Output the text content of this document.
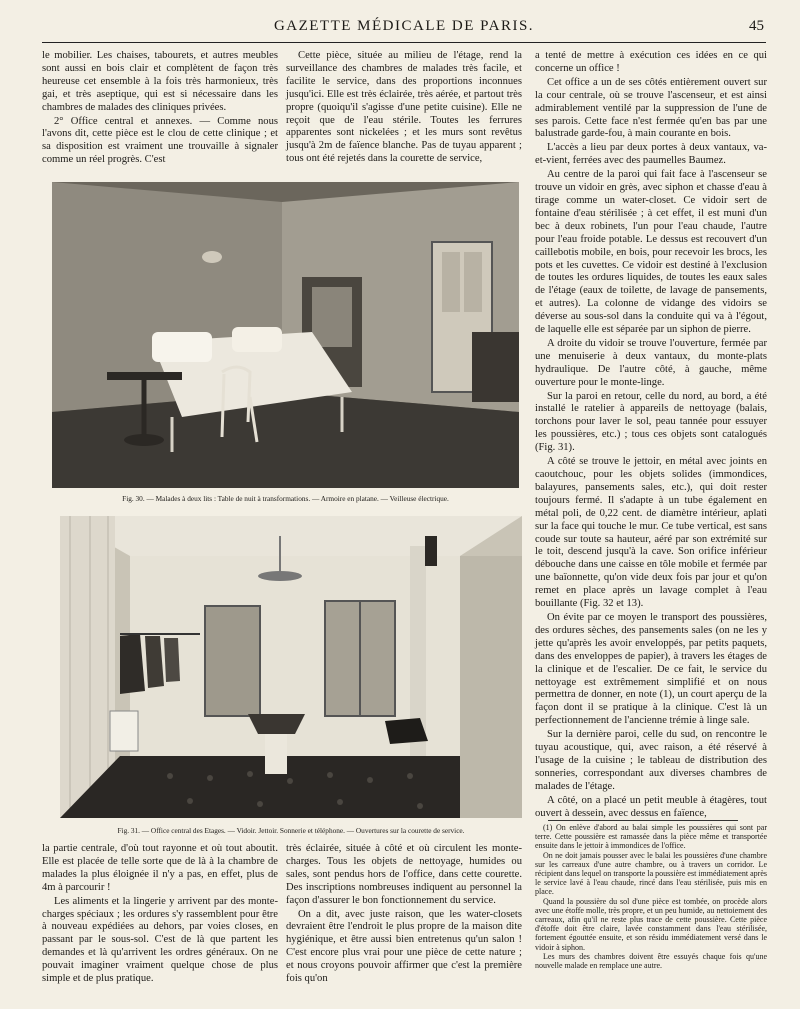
GAZETTE MÉDICALE DE PARIS.	45

le mobilier. Les chaises, tabourets, et autres meubles sont aussi en bois clair et complètent de façon très heureuse cet ensemble à la fois très harmonieux, très gai, et très aseptique, qui est si nécessaire dans les chambres de malades des cliniques privées.

2° Office central et annexes. — Comme nous l'avons dit, cette pièce est le clou de cette clinique ; et sa disposition est vraiment une trouvaille à signaler comme un réel progrès. C'est

Cette pièce, située au milieu de l'étage, rend la surveillance des chambres de malades très facile, et facilite le service, dans des proportions inconnues jusqu'ici. Elle est très éclairée, très aérée, et partout très propre (quoiqu'il s'agisse d'une petite cuisine). Elle ne reçoit que de l'eau stérile. Toutes les ferrures apparentes sont nickelées ; et les murs sont revêtus jusqu'à 2m de faïence blanche. Pas de tuyau apparent ; tous ont été rejetés dans la courette de service,

a tenté de mettre à exécution ces idées en ce qui concerne un office !

Cet office a un de ses côtés entièrement ouvert sur la cour centrale, où se trouve l'ascenseur, et est ainsi admirablement ventilé par la suppression de l'une de ses parois. Cette face n'est fermée qu'en bas par une balustrade garde-fou, à main courante en bois.

L'accès a lieu par deux portes à deux vantaux, va-et-vient, ferrées avec des paumelles Baumez.

Au centre de la paroi qui fait face à l'ascenseur se trouve un vidoir en grès, avec siphon et chasse d'eau à tirage comme un water-closet. Ce vidoir sert de fontaine d'eau stérilisée ; à cet effet, il est muni d'un bec à deux robinets, l'un pour l'eau chaude, l'autre pour l'eau froide potable. Le dessus est recouvert d'un caillebotis mobile, en bois, pour recevoir les brocs, les pots et les cuvettes. Ce vidoir est destiné à l'exclusion de toutes les ordures liquides, de toutes les eaux sales de l'étage (eaux de toilette, de lavage de pansements, et autres). La colonne de vidange des vidoirs se déverse au sous-sol dans la conduite qui va à l'égout, de laquelle elle est séparée par un siphon de pierre.

A droite du vidoir se trouve l'ouverture, fermée par une menuiserie à deux vantaux, du monte-plats hydraulique. De l'autre côté, à gauche, même ouverture pour le monte-linge.

Sur la paroi en retour, celle du nord, au bord, a été installé le ratelier à appareils de nettoyage (balais, torchons pour laver le sol, peau tannée pour essuyer les poussières, etc.) ; tous ces objets sont catalogués (Fig. 31).

A côté se trouve le jettoir, en métal avec joints en caoutchouc, pour les objets solides (immondices, balayures, pansements sales, etc.), qui doit rester toujours fermé. Il s'adapte à un tube également en métal poli, de 0,22 cent. de diamètre intérieur, aplati sur la face qui touche le mur. Ce tube vertical, est sans coude sur toute sa hauteur, aéré par son extrémité sur le toit, descend jusqu'à la cave. Son orifice inférieur débouche dans une caisse en tôle mobile et fermée par une baïonnette, qu'on vide deux fois par jour et qu'on remet en place après un lavage complet à l'eau bouillante (Fig. 32 et 13).

On évite par ce moyen le transport des poussières, des ordures sèches, des pansements sales (on ne les y jette qu'après les avoir enveloppés, par petits paquets, dans des enveloppes de papier), à travers les étages de la clinique et de l'escalier. De ce fait, le service du nettoyage est extrêmement simplifié et on nous permettra de donner, en note (1), un court aperçu de la façon dont il se pratique à la clinique. C'est là un perfectionnement de l'ancienne trémie à linge sale.

Sur la dernière paroi, celle du sud, on rencontre le tuyau acoustique, qui, avec raison, a été réservé à l'usage de la cuisine ; le tableau de distribution des sonneries, correspondant aux diverses chambres de malades de l'étage.

A côté, on a placé un petit meuble à étagères, tout ouvert à dessein, avec dessus en faïence,

Fig. 30. — Malades à deux lits : Table de nuit à transformations. — Armoire en platane. — Veilleuse électrique.
Fig. 31. — Office central des Etages. — Vidoir. Jettoir. Sonnerie et téléphone. — Ouvertures sur la courette de service.

la partie centrale, d'où tout rayonne et où tout aboutit. Elle est placée de telle sorte que de là à la chambre de malades la plus éloignée il n'y a pas, en effet, plus de 4m à parcourir !

Les aliments et la lingerie y arrivent par des monte-charges spéciaux ; les ordures s'y rassemblent pour être à nouveau expédiées au dehors, par voies closes, en passant par le sous-sol. C'est de là que partent les demandes et là qu'arrivent les ordres généraux. On ne pouvait imaginer vraiment quelque chose de plus simple et de plus pratique.

très éclairée, située à côté et où circulent les monte-charges. Tous les objets de nettoyage, humides ou sales, sont pendus hors de l'office, dans cette courette. Des inscriptions nombreuses indiquent au personnel la façon d'assurer le bon fonctionnement du service.

On a dit, avec juste raison, que les water-closets devraient être l'endroit le plus propre de la maison dite hygiénique, et être aussi bien entretenus qu'un salon ! C'est encore plus vrai pour une pièce de cette nature ; et nous croyons pouvoir affirmer que c'est la première fois qu'on

(1) On enlève d'abord au balai simple les poussières qui sont par terre. Cette poussière est ramassée dans la pièce même et transportée ensuite dans le jettoir à immondices de l'office.

On ne doit jamais pousser avec le balai les poussières d'une chambre sur les carreaux d'une autre chambre, ou à travers un corridor. Le récipient dans lequel on transporte la poussière est immédiatement après le service lavé à l'eau chaude, rincé dans l'eau stérilisée, puis mis en place.

Quand la poussière du sol d'une pièce est tombée, on procède alors avec une étoffe molle, très propre, et un peu humide, au nettoiement des carreaux, afin qu'il ne reste plus trace de cette poussière. Cette pièce d'étoffe doit être claire, lavée constamment dans l'eau stérilisée, fortement égouttée ensuite, et son résidu immédiatement versé dans le vidoir à siphon.

Les murs des chambres doivent être essuyés chaque fois qu'une nouvelle malade en remplace une autre.
